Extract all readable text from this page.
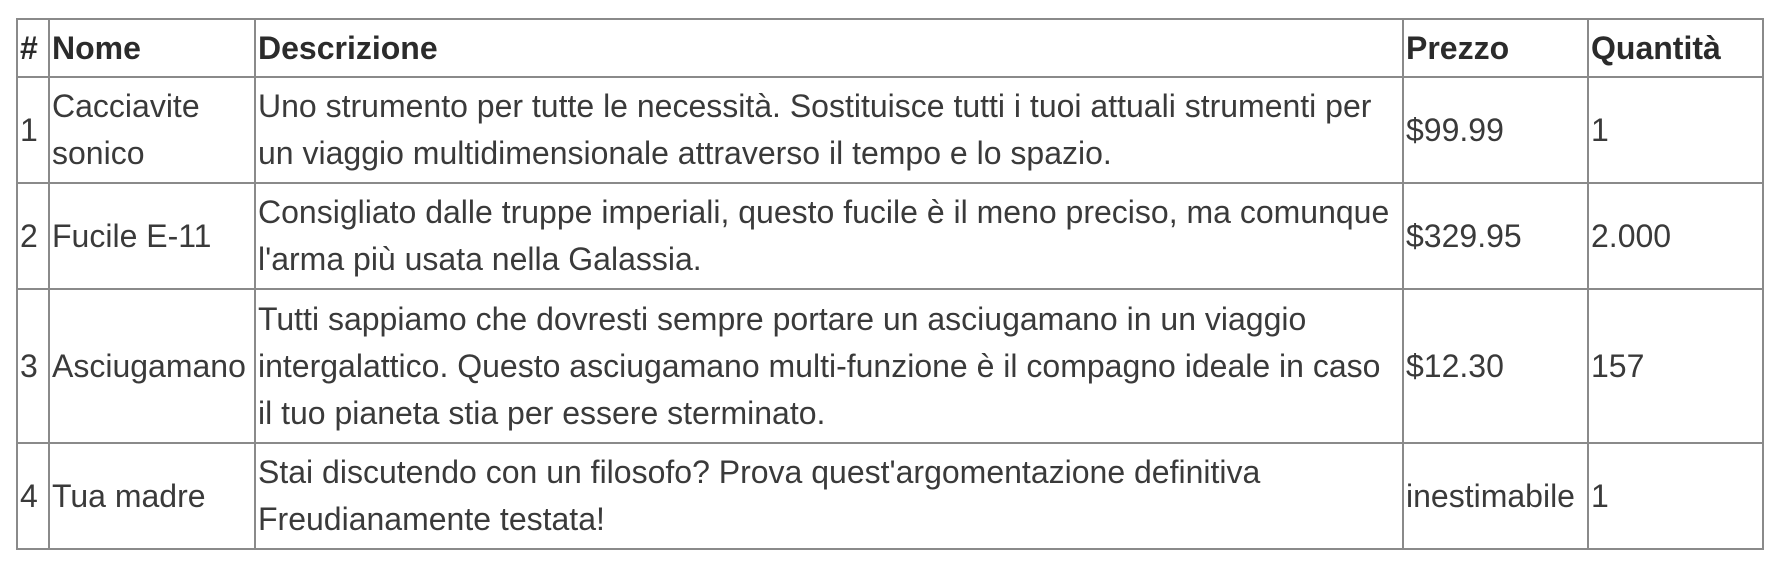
#	Nome	Descrizione	Prezzo	Quantità
1	Cacciavite sonico	Uno strumento per tutte le necessità. Sostituisce tutti i tuoi attuali strumenti per un viaggio multidimensionale attraverso il tempo e lo spazio.	$99.99	1
2	Fucile E-11	Consigliato dalle truppe imperiali, questo fucile è il meno preciso, ma comunque l'arma più usata nella Galassia.	$329.95	2.000
3	Asciugamano	Tutti sappiamo che dovresti sempre portare un asciugamano in un viaggio intergalattico. Questo asciugamano multi-funzione è il compagno ideale in caso il tuo pianeta stia per essere sterminato.	$12.30	157
4	Tua madre	Stai discutendo con un filosofo? Prova quest'argomentazione definitiva Freudianamente testata!	inestimabile	1
